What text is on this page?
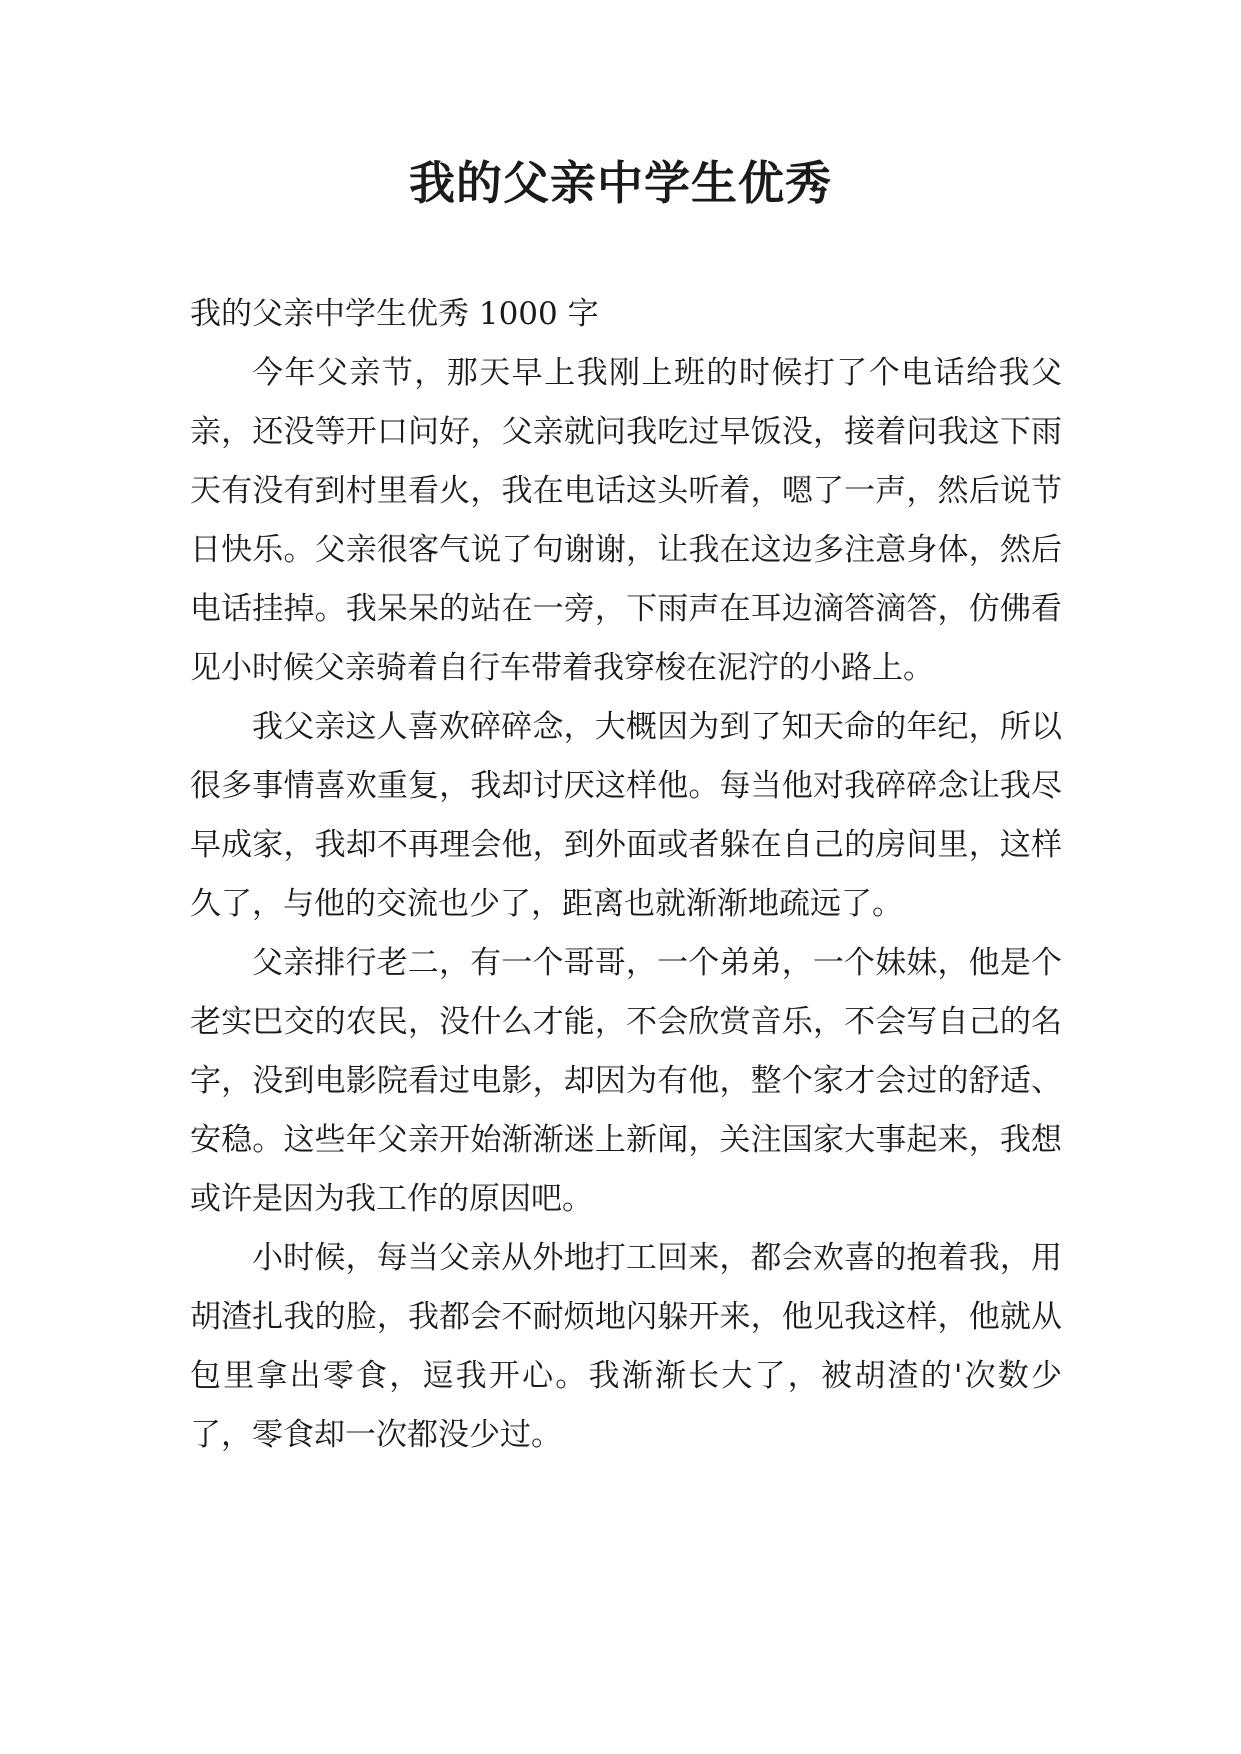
我的父亲中学生优秀

我的父亲中学生优秀 1000 字

今年父亲节，那天早上我刚上班的时候打了个电话给我父亲，还没等开口问好，父亲就问我吃过早饭没，接着问我这下雨天有没有到村里看火，我在电话这头听着，嗯了一声，然后说节日快乐。父亲很客气说了句谢谢，让我在这边多注意身体，然后电话挂掉。我呆呆的站在一旁，下雨声在耳边滴答滴答，仿佛看见小时候父亲骑着自行车带着我穿梭在泥泞的小路上。

我父亲这人喜欢碎碎念，大概因为到了知天命的年纪，所以很多事情喜欢重复，我却讨厌这样他。每当他对我碎碎念让我尽早成家，我却不再理会他，到外面或者躲在自己的房间里，这样久了，与他的交流也少了，距离也就渐渐地疏远了。

父亲排行老二，有一个哥哥，一个弟弟，一个妹妹，他是个老实巴交的农民，没什么才能，不会欣赏音乐，不会写自己的名字，没到电影院看过电影，却因为有他，整个家才会过的舒适、安稳。这些年父亲开始渐渐迷上新闻，关注国家大事起来，我想或许是因为我工作的原因吧。

小时候，每当父亲从外地打工回来，都会欢喜的抱着我，用胡渣扎我的脸，我都会不耐烦地闪躲开来，他见我这样，他就从包里拿出零食，逗我开心。我渐渐长大了，被胡渣的'次数少了，零食却一次都没少过。
